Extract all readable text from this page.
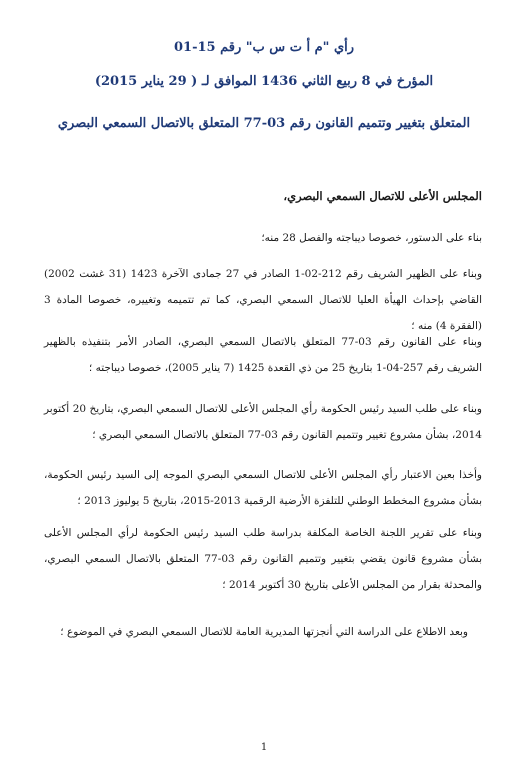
رأي "م أ ت س ب" رقم 15-01
المؤرخ في 8 ربيع الثاني 1436 الموافق لـ ( 29 يناير 2015)
المتعلق بتغيير وتتميم القانون رقم 03-77 المتعلق بالاتصال السمعي البصري
المجلس الأعلى للاتصال السمعي البصري،
بناء على الدستور، خصوصا ديباجته والفصل 28 منه؛
وبناء على الظهير الشريف رقم 212-02-1 الصادر في 27 جمادى الآخرة 1423 (31 غشت 2002) القاضي بإحداث الهيأة العليا للاتصال السمعي البصري، كما تم تتميمه وتغييره، خصوصا المادة 3 (الفقرة 4) منه ؛
وبناء على القانون رقم 03-77 المتعلق بالاتصال السمعي البصري، الصادر الأمر بتنفيذه بالظهير الشريف رقم 257-04-1 بتاريخ 25 من ذي القعدة 1425 (7 يناير 2005)، خصوصا ديباجته ؛
وبناء على طلب السيد رئيس الحكومة رأي المجلس الأعلى للاتصال السمعي البصري، بتاريخ 20 أكتوبر 2014، بشأن مشروع تغيير وتتميم القانون رقم 03-77 المتعلق بالاتصال السمعي البصري ؛
وأخذا بعين الاعتبار رأي المجلس الأعلى للاتصال السمعي البصري الموجه إلى السيد رئيس الحكومة، بشأن مشروع المخطط الوطني للتلفزة الأرضية الرقمية 2013-2015، بتاريخ 5 يوليوز 2013 ؛
وبناء على تقرير اللجنة الخاصة المكلفة بدراسة طلب السيد رئيس الحكومة لرأي المجلس الأعلى بشأن مشروع قانون يقضي بتغيير وتتميم القانون رقم 03-77 المتعلق بالاتصال السمعي البصري، والمحدثة بقرار من المجلس الأعلى بتاريخ 30 أكتوبر 2014 ؛
وبعد الاطلاع على الدراسة التي أنجزتها المديرية العامة للاتصال السمعي البصري في الموضوع ؛
1
